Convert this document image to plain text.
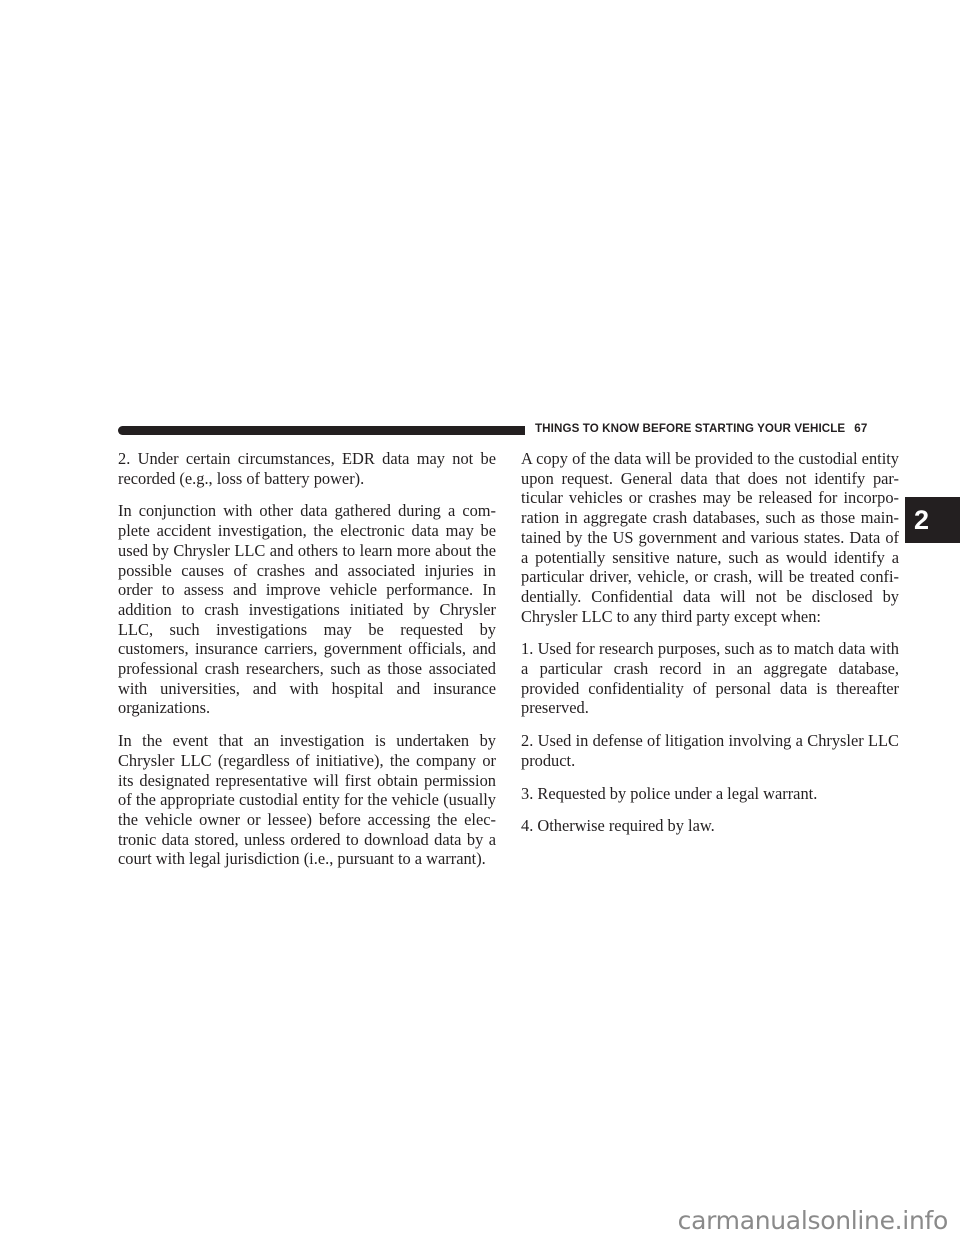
THINGS TO KNOW BEFORE STARTING YOUR VEHICLE 67

2. Under certain circumstances, EDR data may not be recorded (e.g., loss of battery power).

In conjunction with other data gathered during a com- plete accident investigation, the electronic data may be used by Chrysler LLC and others to learn more about the possible causes of crashes and associated injuries in order to assess and improve vehicle performance. In addition to crash investigations initiated by Chrysler LLC, such investigations may be requested by customers, insurance carriers, government officials, and professional crash researchers, such as those associated with universities, and with hospital and insurance organizations.

In the event that an investigation is undertaken by Chrysler LLC (regardless of initiative), the company or its designated representative will first obtain permission of the appropriate custodial entity for the vehicle (usually the vehicle owner or lessee) before accessing the elec- tronic data stored, unless ordered to download data by a court with legal jurisdiction (i.e., pursuant to a warrant).

A copy of the data will be provided to the custodial entity upon request. General data that does not identify par- ticular vehicles or crashes may be released for incorpo- ration in aggregate crash databases, such as those main- tained by the US government and various states. Data of a potentially sensitive nature, such as would identify a particular driver, vehicle, or crash, will be treated confi- dentially. Confidential data will not be disclosed by Chrysler LLC to any third party except when:

1. Used for research purposes, such as to match data with a particular crash record in an aggregate database, provided confidentiality of personal data is thereafter preserved.

2. Used in defense of litigation involving a Chrysler LLC product.

3. Requested by police under a legal warrant.

4. Otherwise required by law.

2
carmanualsonline.info
